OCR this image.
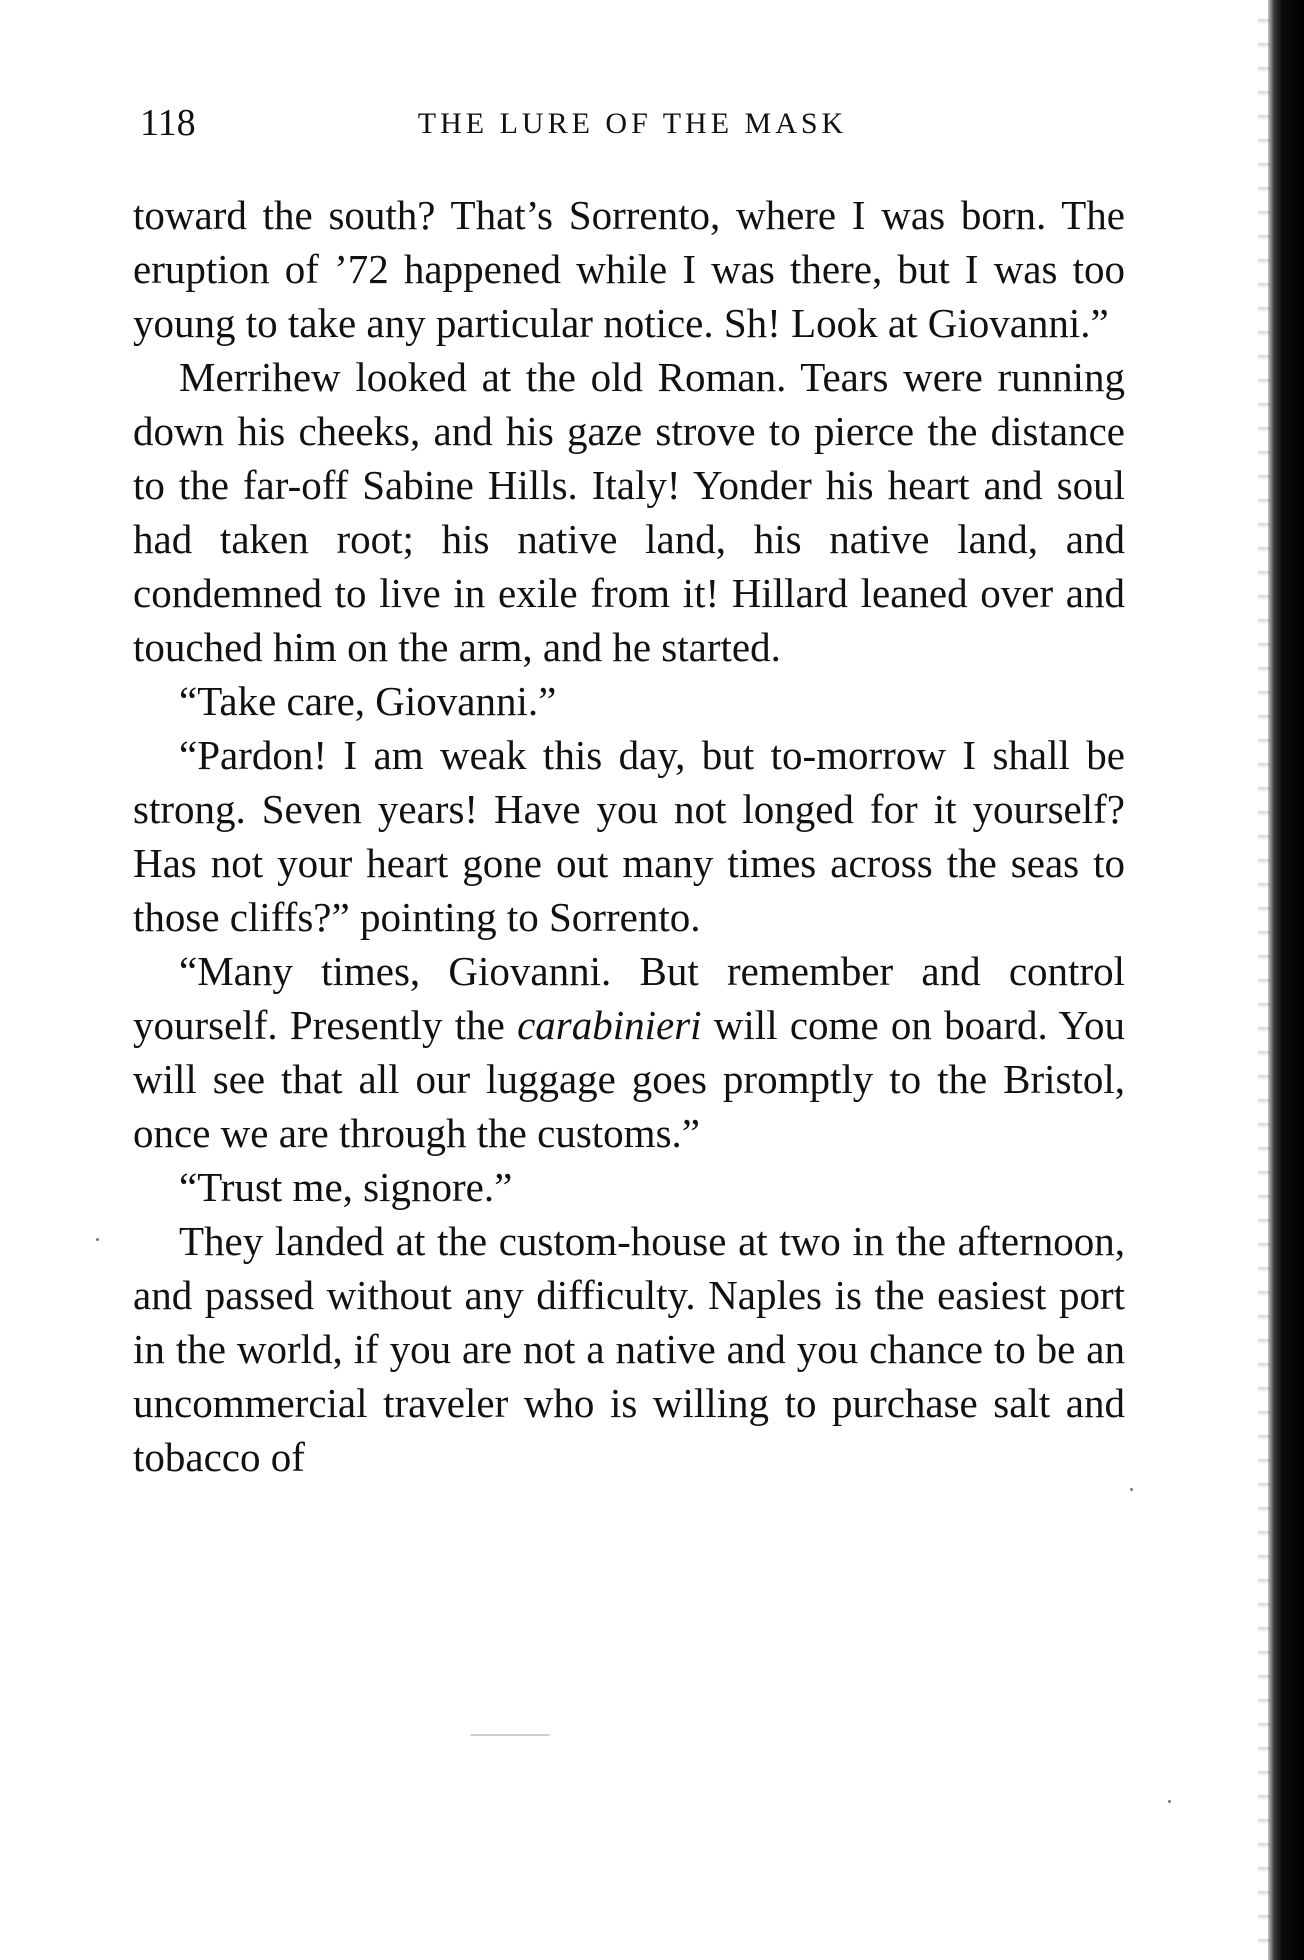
118	THE LURE OF THE MASK

toward the south? That’s Sorrento, where I was born. The eruption of ’72 happened while I was there, but I was too young to take any particular notice. Sh! Look at Giovanni.”

Merrihew looked at the old Roman. Tears were running down his cheeks, and his gaze strove to pierce the distance to the far-off Sabine Hills. Italy! Yonder his heart and soul had taken root; his native land, his native land, and condemned to live in exile from it! Hillard leaned over and touched him on the arm, and he started.

“Take care, Giovanni.”

“Pardon! I am weak this day, but to-morrow I shall be strong. Seven years! Have you not longed for it yourself? Has not your heart gone out many times across the seas to those cliffs?” pointing to Sorrento.

“Many times, Giovanni. But remember and control yourself. Presently the carabinieri will come on board. You will see that all our luggage goes promptly to the Bristol, once we are through the customs.”

“Trust me, signore.”

They landed at the custom-house at two in the afternoon, and passed without any difficulty. Naples is the easiest port in the world, if you are not a native and you chance to be an uncommercial traveler who is willing to purchase salt and tobacco of
